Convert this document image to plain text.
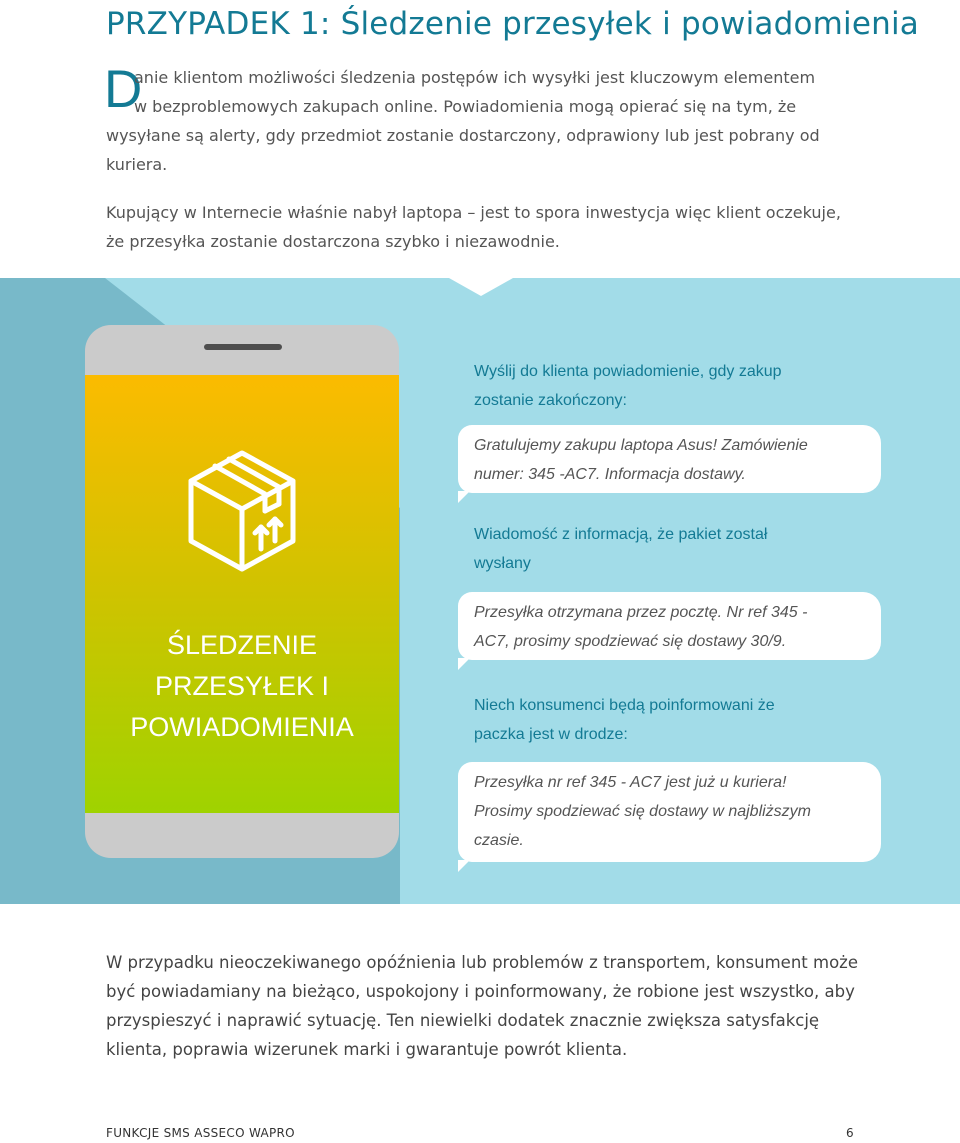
PRZYPADEK 1: Śledzenie przesyłek i powiadomienia
D

anie klientom możliwości śledzenia postępów ich wysyłki jest kluczowym elementem
w bezproblemowych zakupach online. Powiadomienia mogą opierać się na tym, że
wysyłane są alerty, gdy przedmiot zostanie dostarczony, odprawiony lub jest pobrany od
kuriera.

Kupujący w Internecie właśnie nabył laptopa – jest to spora inwestycja więc klient oczekuje,
że przesyłka zostanie dostarczona szybko i niezawodnie.

ŚLEDZENIE
PRZESYŁEK I
POWIADOMIENIA

Wyślij do klienta powiadomienie, gdy zakup
zostanie zakończony:

Gratulujemy zakupu laptopa Asus! Zamówienie
numer: 345 -AC7. Informacja dostawy.

Wiadomość z informacją, że pakiet został
wysłany

Przesyłka otrzymana przez pocztę. Nr ref 345 -
AC7, prosimy spodziewać się dostawy 30/9.

Niech konsumenci będą poinformowani że
paczka jest w drodze:

Przesyłka nr ref 345 - AC7 jest już u kuriera!
Prosimy spodziewać się dostawy w najbliższym
czasie.

W przypadku nieoczekiwanego opóźnienia lub problemów z transportem, konsument może
być powiadamiany na bieżąco, uspokojony i poinformowany, że robione jest wszystko, aby
przyspieszyć i naprawić sytuację. Ten niewielki dodatek znacznie zwiększa satysfakcję
klienta, poprawia wizerunek marki i gwarantuje powrót klienta.

FUNKCJE SMS ASSECO WAPRO	6
